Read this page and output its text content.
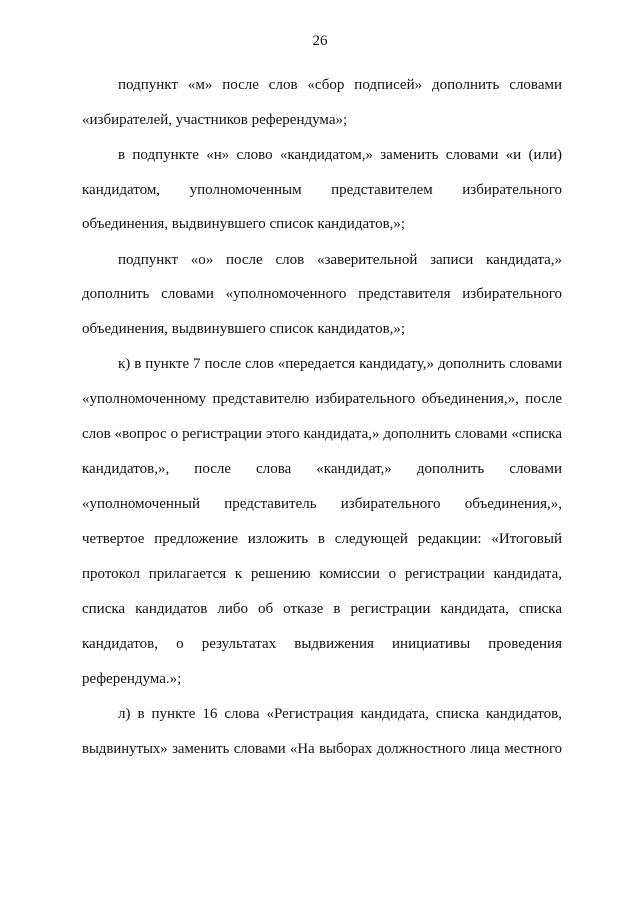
26
подпункт «м» после слов «сбор подписей» дополнить словами
«избирателей, участников референдума»;
в подпункте «н» слово «кандидатом,» заменить словами «и (или)
кандидатом, уполномоченным представителем избирательного
объединения, выдвинувшего список кандидатов,»;
подпункт «о» после слов «заверительной записи кандидата,»
дополнить словами «уполномоченного представителя избирательного
объединения, выдвинувшего список кандидатов,»;
к) в пункте 7 после слов «передается кандидату,» дополнить словами
«уполномоченному представителю избирательного объединения,», после
слов «вопрос о регистрации этого кандидата,» дополнить словами «списка
кандидатов,», после слова «кандидат,» дополнить словами
«уполномоченный представитель избирательного объединения,»,
четвертое предложение изложить в следующей редакции: «Итоговый
протокол прилагается к решению комиссии о регистрации кандидата,
списка кандидатов либо об отказе в регистрации кандидата, списка
кандидатов, о результатах выдвижения инициативы проведения
референдума.»;
л) в пункте 16 слова «Регистрация кандидата, списка кандидатов,
выдвинутых» заменить словами «На выборах должностного лица местного
